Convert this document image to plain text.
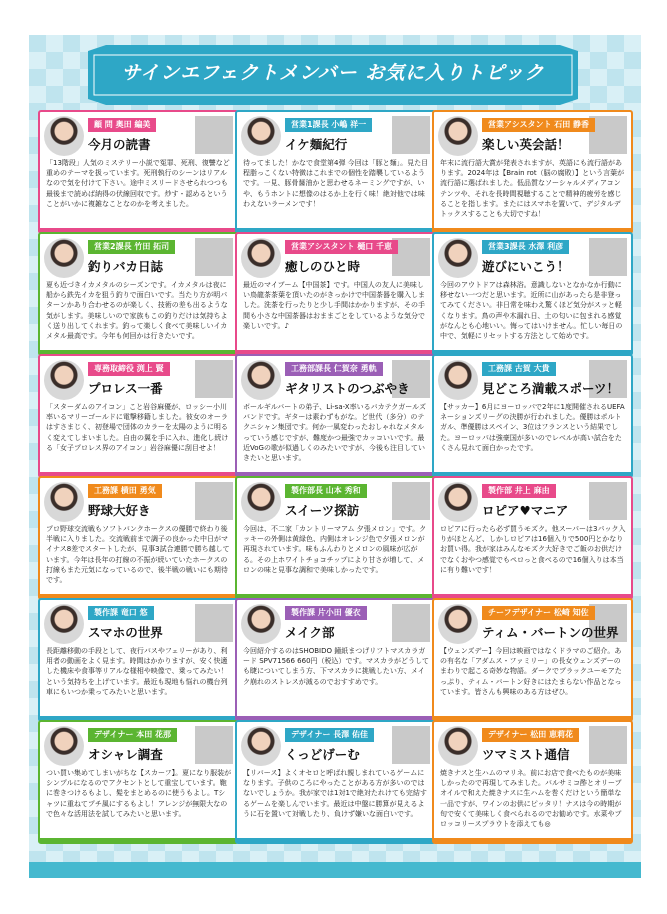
サインエフェクトメンバー お気に入りトピック
顧 問 奥田 編美
今月の読書
「13階段」人気のミステリー小説で冤罪、死刑、復讐など重めのテーマを扱っています。死刑執行のシーンはリアルなので気を付けて下さい。途中ミスリードさせられつつも最後まで読めば納得の伏線回収です。炒す・認めるということがいかに複雑なことなのかを考えました。
営業1課長 小嶋 祥一
イケ麺紀行
待ってました！かなで食堂第4弾 今回は「豚と麺」。見た目程脂っこくない特徴はこれまでの個性を踏襲しているようです。一見、豚骨醤油かと思わせるネーミングですが、いや、もうホントに想像のはるか上を行く味！絶対他では味わえないラーメンです！
営業アシスタント 石田 静香
楽しい英会話！
年末に流行語大賞が発表されますが、英語にも流行語があります。2024年は【Brain rot（脳の腐敗）】という言葉が流行語に選ばれました。低品質なソーシャルメディアコンテンツや、それを長時間視聴することで精神的疲労を感じることを指します。またにはスマホを置いて、デジタルデトックスすることも大切ですね！
営業2課長 竹田 拓司
釣りバカ日誌
夏も近づきイカメタルのシーズンです。イカメタルは夜に船から鉄先イカを狙う釣りで面白いです。当たり方が明パターンかあり合わせるのが楽しく、技術の差も出るような気がします。美味しいので家族もこの釣りだけは気持ちよく送り出してくれます。釣って楽しく食べて美味しいイカメタル最高です。今年も何回かは行きたいです。
営業アシスタント 樋口 千恵
癒しのひと時
最近のマイブーム【中国茶】です。中国人の友人に美味しい鳥龍茶茶葉を頂いたのがきっかけで中国茶器を購入しました。洗茶を行ったりと少し手間はかかりますが、その手間も小さな中国茶器はおままごとをしているような気分で楽しいです。♪
営業3課長 水澤 利彦
遊びにいこう！
今回のアウトドアは森林浴。意識しないとなかなか行動に移せない一つだと思います。近所に山があったら是非登ってみてください。非日常を味わえ驚くほど気分がスッと軽くなります。鳥の声や木漏れ日、土の匂いに包まれる感覚がなんとも心地いい。悔ってはいけません。忙しい毎日の中で、気軽にリセットする方法として始めです。
専務取締役 渕上 賢
プロレス一番
「スターダムのアイコン」こと岩谷麻優が、ロッシー小川率いるマリーゴールドに電撃移籍しました。彼女のオーラはすさまじく、初登場で団体のカラーを太陽のように明るく変えてしまいました。自由の翼を手に入れ、進化し続ける「女子プロレス界のアイコン」岩谷麻優に刮目せよ！
工務部課長 仁賀奈 勇軌
ギタリストのつぶやき
ボールギルバートの弟子、Li-sa-X率いるバカテクガールズバンドです。ギターは素わずもがな。ど世代（多分）のテクニシャン集団です。何か一風変わったおしゃれなメタルっていう感じですが、難度かつ最強でカッコいいです。最近VoGの歌が似過しくのみたいですが、今後も注目していきたいと思います。
工務課 古賀 大貴
見どころ満載スポーツ！
【サッカー】6月にヨーロッパで2年に1度開催されるUEFAネーションズリーグの決勝が行われました。優勝はポルトガル、準優勝はスペイン、3位はフランスという結果でした。ヨーロッパは強豪国が多いのでレベルが高い試合をたくさん見れて面白かったです。
工務課 横田 勇気
野球大好き
プロ野球交流戦もソフトバンクホークスの優勝で終わり後半戦に入りました。交流戦前まで調子の良かった中日がマイナス8差でスタートしたが、見事3試合連勝で勝ち越しています。今年は長年の打線の不振が続いていたホークスの打線もまた元気になっているので、後半戦の戦いにも期待です。
製作部長 山本 秀和
スイーツ探訪
今回は、不二家「カントリーマアム 夕張メロン」です。クッキーの外側は黄緑色、内側はオレンジ色で夕張メロンが再現されています。味もふんわりとメロンの風味が広がる。その上ホワイトチョコチップにより甘さが増して、メロンの味と見事な調和で美味しかったです。
製作部 井上 麻由
ロピア♥マニア
ロピアに行ったら必ず買うモズク。他スーパーは3パック入りがほとんど、しかしロピアは16個入りで500円とかなりお買い得。我が家はみんなモズク大好きでご飯のお供だけでなくおやつ感覚でもペロっと食べるので16個入りは本当に有り難いです！
製作課 竜口 悠
スマホの世界
長距離移動の手段として、夜行バスやフェリーがあり、利用者の動画をよく見ます。時間はかかりますが、安く快適した機床や食事等リアルな様相や映像で、乗ってみたい！という気持ちを上げています。最近も現地も悩れの機台列車にもいつか乗ってみたいと思います。
製作課 片小田 優衣
メイク部
今回紹介するのはSHOBIDO 鐘紙まつげリフトマスカラガード SPV71566 660円（税込）です。マスカラがどうしても睫についてしまう方、下マスカラに挑戦したい方、メイク崩れのストレスが減るのでおすすめです。
チーフデザイナー 松崎 知佐
ティム・バートンの世界
【ウェンズデー】今回は映画ではなくドラマのご紹介。あの有名な「アダムス・ファミリー」の長女ウェンズデーのまわりで起こる奇妙な物語。ダークでブラックユーモアたっぷり、ティム・バートン好きにはたまらない作品となっています。皆さんも興味のある方はぜひ。
デザイナー 本田 花那
オシャレ調査
つい買い集めてしまいがちな【スカーフ】。夏になり服装がシンプルになるのでアクセントとして重宝しています。鞄に巻きつけるもよし、髪をまとめるのに使うもよし。Tシャツに重ねてプチ風にするもよし！アレンジが無限大なので色々な活用法を試してみたいと思います。
デザイナー 長澤 佑佳
くっどげーむ
【リバース】よくオセロと呼ばれ親しまれているゲームになります。子供のころにやったことがある方が多いのではないでしょうか。我が家では1対1で絶対たれけても完結するゲームを楽しんでいます。最近は中盤に勝算が見えるように石を置いて対戦したり、負けず嫌いな面白いです。
デザイナー 松田 恵莉花
ツマミスト通信
焼きナスと生ハムのマリネ。前にお店で食べたものが美味しかったので再現してみました。バルサミコ酢とオリーブオイルで和えた焼きナスに生ハムを巻くだけという簡単な一品ですが、ワインのお供にピッタリ！ナスは今の時期が旬で安くて美味しく食べられるのでお勧めです。水菜やブロッコリースプラウトを添えても◎
